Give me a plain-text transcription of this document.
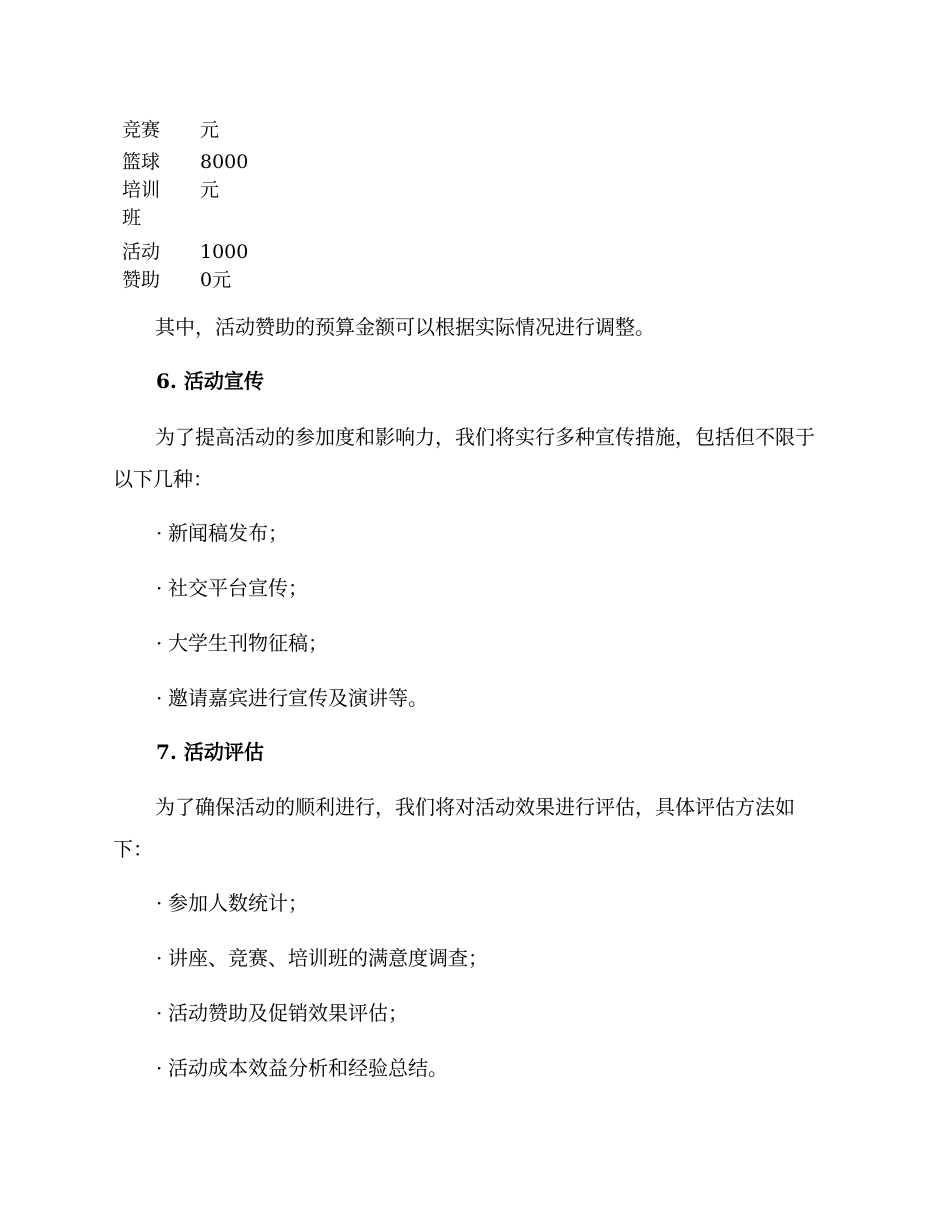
竞赛 元
篮球培训班
8000元
活动赞助
10000元

其中，活动赞助的预算金额可以根据实际情况进行调整。

6. 活动宣传

为了提高活动的参加度和影响力，我们将实行多种宣传措施，包括但不限于以下几种：

· 新闻稿发布；
· 社交平台宣传；
· 大学生刊物征稿；
· 邀请嘉宾进行宣传及演讲等。
7. 活动评估

为了确保活动的顺利进行，我们将对活动效果进行评估，具体评估方法如下：

· 参加人数统计；
· 讲座、竞赛、培训班的满意度调查；
· 活动赞助及促销效果评估；
· 活动成本效益分析和经验总结。
